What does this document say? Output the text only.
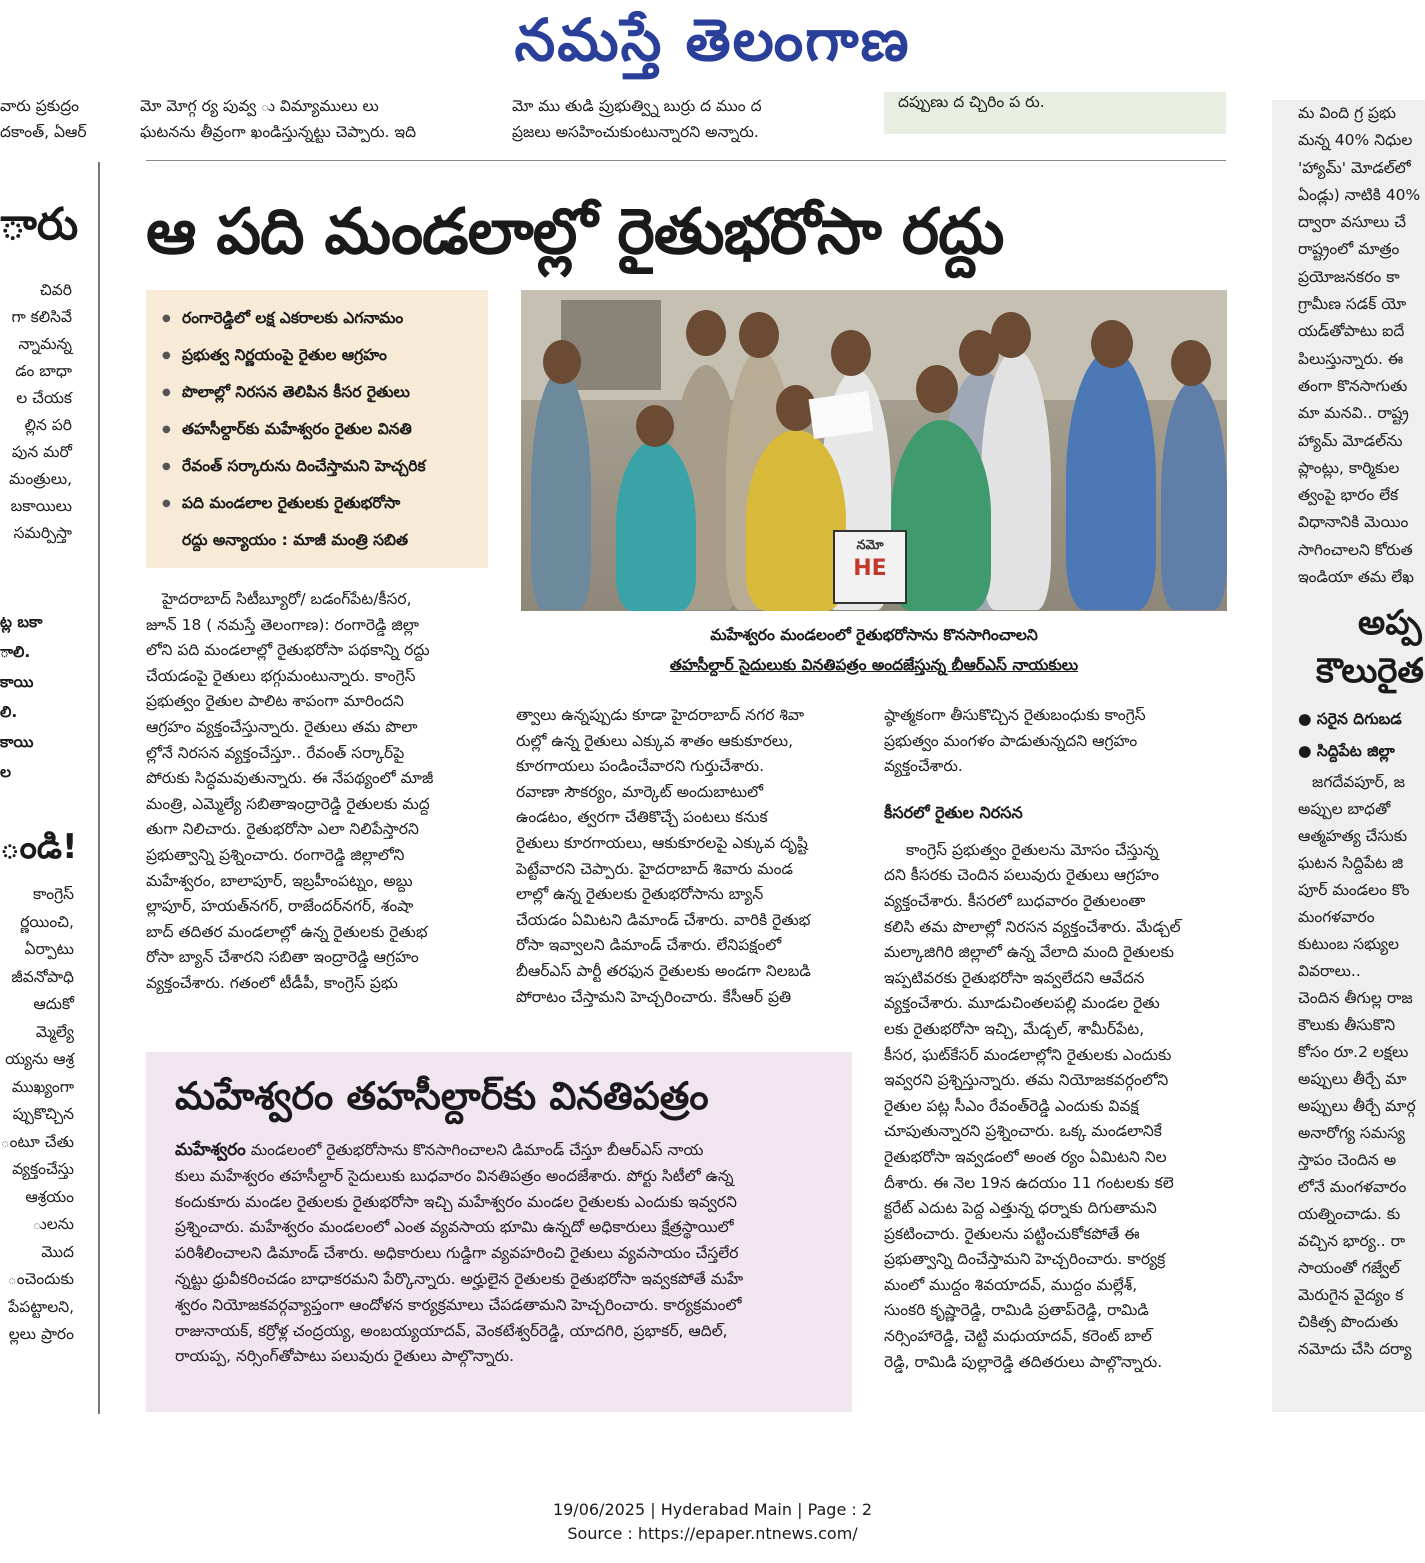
నమస్తే తెలంగాణ
వారు ప్రకుద్రం
దకాంత్, ఏఆర్
మో మోగ్గ ర్య పువ్వ ు విమ్యాములు లు
ఘటనను తీవ్రంగా ఖండిస్తున్నట్టు చెప్పారు. ఇది
మో ము తుడి ప్రుభుత్వ్ని బుర్రు ద ముం ద
ప్రజలు అసహించుకుంటున్నారని అన్నారు.
దప్పుణు ద చ్చిరిం ప రు.
ారు
చివరి
గా కలిసివే
న్నామన్న
డం బాధా
ల చేయక
ల్లిన పరి
పున మరో
మంత్రులు,
బకాయిలు
సమర్పిస్తా
ట్ల బకా
ాలి.
కాయి
లి.
కాయి
ల
ండి!
కాంగ్రెస్
ర్ణయించి,
ఏర్పాటు
జీవనోపాధి
ఆదుకో
మ్మెల్యే
య్యను ఆశ్ర
ముఖ్యంగా
ప్పుకొచ్చిన
ంటూ చేతు
వ్యక్తంచేస్తు
ఆశ్రయం
ులను మొద
ంచెందుకు
పేపట్టాలని,
ల్లలు ప్రారం
ఆ పది మండలాల్లో రైతుభరోసా రద్దు
● రంగారెడ్డిలో లక్ష ఎకరాలకు ఎగనామం
● ప్రభుత్వ నిర్ణయంపై రైతుల ఆగ్రహం
● పొలాల్లో నిరసన తెలిపిన కీసర రైతులు
● తహసీల్దార్‌కు మహేశ్వరం రైతుల వినతి
● రేవంత్ సర్కారును దించేస్తామని హెచ్చరిక
● పది మండలాల రైతులకు రైతుభరోసా
రద్దు అన్యాయం : మాజీ మంత్రి సబిత	నమో
HE
మహేశ్వరం మండలంలో రైతుభరోసాను కొనసాగించాలని
తహసీల్దార్ సైదులుకు వినతిపత్రం అందజేస్తున్న బీఆర్‌ఎస్ నాయకులు
హైదరాబాద్ సిటీబ్యూరో/ బడంగ్‌పేట/కీసర,
జూన్ 18 ( నమస్తే తెలంగాణ): రంగారెడ్డి జిల్లా
లోని పది మండలాల్లో రైతుభరోసా పథకాన్ని రద్దు
చేయడంపై రైతులు భగ్గుమంటున్నారు. కాంగ్రెస్
ప్రభుత్వం రైతుల పాలిట శాపంగా మారిందని
ఆగ్రహం వ్యక్తంచేస్తున్నారు. రైతులు తమ పొలా
ల్లోనే నిరసన వ్యక్తంచేస్తూ.. రేవంత్ సర్కార్‌పై
పోరుకు సిద్ధమవుతున్నారు. ఈ నేపథ్యంలో మాజీ
మంత్రి, ఎమ్మెల్యే సబితాఇంద్రారెడ్డి రైతులకు మద్ద
తుగా నిలిచారు. రైతుభరోసా ఎలా నిలిపేస్తారని
ప్రభుత్వాన్ని ప్రశ్నించారు. రంగారెడ్డి జిల్లాలోని
మహేశ్వరం, బాలాపూర్, ఇబ్రహీంపట్నం, అబ్దు
ల్లాపూర్, హయత్‌నగర్, రాజేందర్‌నగర్, శంషా
బాద్ తదితర మండలాల్లో ఉన్న రైతులకు రైతుభ
రోసా బ్యాన్ చేశారని సబితా ఇంద్రారెడ్డి ఆగ్రహం
వ్యక్తంచేశారు. గతంలో టీడీపీ, కాంగ్రెస్ ప్రభు
త్వాలు ఉన్నప్పుడు కూడా హైదరాబాద్ నగర శివా
రుల్లో ఉన్న రైతులు ఎక్కువ శాతం ఆకుకూరలు,
కూరగాయలు పండించేవారని గుర్తుచేశారు.
రవాణా సౌకర్యం, మార్కెట్ అందుబాటులో
ఉండటం, త్వరగా చేతికొచ్చే పంటలు కనుక
రైతులు కూరగాయలు, ఆకుకూరలపై ఎక్కువ దృష్టి
పెట్టేవారని చెప్పారు. హైదరాబాద్ శివారు మండ
లాల్లో ఉన్న రైతులకు రైతుభరోసాను బ్యాన్
చేయడం ఏమిటని డిమాండ్ చేశారు. వారికి రైతుభ
రోసా ఇవ్వాలని డిమాండ్ చేశారు. లేనిపక్షంలో
బీఆర్‌ఎస్ పార్టీ తరఫున రైతులకు అండగా నిలబడి
పోరాటం చేస్తామని హెచ్చరించారు. కేసీఆర్ ప్రతి
ష్ఠాత్మకంగా తీసుకొచ్చిన రైతుబంధుకు కాంగ్రెస్
ప్రభుత్వం మంగళం పాడుతున్నదని ఆగ్రహం
వ్యక్తంచేశారు.
కీసరలో రైతుల నిరసన
కాంగ్రెస్ ప్రభుత్వం రైతులను మోసం చేస్తున్న
దని కీసరకు చెందిన పలువురు రైతులు ఆగ్రహం
వ్యక్తంచేశారు. కీసరలో బుధవారం రైతులంతా
కలిసి తమ పొలాల్లో నిరసన వ్యక్తంచేశారు. మేడ్చల్
మల్కాజిగిరి జిల్లాలో ఉన్న వేలాది మంది రైతులకు
ఇప్పటివరకు రైతుభరోసా ఇవ్వలేదని ఆవేదన
వ్యక్తంచేశారు. మూడుచింతలపల్లి మండల రైతు
లకు రైతుభరోసా ఇచ్చి, మేడ్చల్, శామీర్‌పేట,
కీసర, ఘట్‌కేసర్ మండలాల్లోని రైతులకు ఎందుకు
ఇవ్వరని ప్రశ్నిస్తున్నారు. తమ నియోజకవర్గంలోని
రైతుల పట్ల సీఎం రేవంత్‌రెడ్డి ఎందుకు వివక్ష
చూపుతున్నారని ప్రశ్నించారు. ఒక్క మండలానికే
రైతుభరోసా ఇవ్వడంలో అంత ర్యం ఏమిటని నిల
దీశారు. ఈ నెల 19న ఉదయం 11 గంటలకు కలె
క్టరేట్ ఎదుట పెద్ద ఎత్తున్న ధర్నాకు దిగుతామని
ప్రకటించారు. రైతులను పట్టించుకోకపోతే ఈ
ప్రభుత్వాన్ని దించేస్తామని హెచ్చరించారు. కార్యక్ర
మంలో ముద్దం శివయాదవ్, ముద్దం మల్లేశ్,
సుంకరి కృష్ణారెడ్డి, రామిడి ప్రతాప్‌రెడ్డి, రామిడి
నర్సింహారెడ్డి, చెట్టి మధుయాదవ్, కరెంట్ బాల్
రెడ్డి, రామిడి పుల్లారెడ్డి తదితరులు పాల్గొన్నారు.
మహేశ్వరం తహసీల్దార్‌కు వినతిపత్రం
మహేశ్వరం మండలంలో రైతుభరోసాను కొనసాగించాలని డిమాండ్ చేస్తూ బీఆర్‌ఎస్ నాయ
కులు మహేశ్వరం తహసీల్దార్ సైదులుకు బుధవారం వినతిపత్రం అందజేశారు. పోర్టు సిటీలో ఉన్న
కందుకూరు మండల రైతులకు రైతుభరోసా ఇచ్చి మహేశ్వరం మండల రైతులకు ఎందుకు ఇవ్వరని
ప్రశ్నించారు. మహేశ్వరం మండలంలో ఎంత వ్యవసాయ భూమి ఉన్నదో అధికారులు క్షేత్రస్థాయిలో
పరిశీలించాలని డిమాండ్ చేశారు. అధికారులు గుడ్డిగా వ్యవహరించి రైతులు వ్యవసాయం చేస్తలేర
న్నట్టు ధ్రువీకరించడం బాధాకరమని పేర్కొన్నారు. అర్హులైన రైతులకు రైతుభరోసా ఇవ్వకపోతే మహే
శ్వరం నియోజకవర్గవ్యాప్తంగా ఆందోళన కార్యక్రమాలు చేపడతామని హెచ్చరించారు. కార్యక్రమంలో
రాజునాయక్, కర్రోళ్ల చంద్రయ్య, అంబయ్యయాదవ్, వెంకటేశ్వర్‌రెడ్డి, యాదగిరి, ప్రభాకర్, ఆదిల్,
రాయప్ప, నర్సింగ్‌తోపాటు పలువురు రైతులు పాల్గొన్నారు.
మ వింది గ్ర ప్రభు
మన్న 40% నిధుల
'హ్యామ్' మోడల్‌లో
ఏండ్లు) నాటికి 40%
ద్వారా వసూలు చే
రాష్ట్రంలో మాత్రం
ప్రయోజనకరం కా
గ్రామీణ సడక్ యో
యడ్‌తోపాటు ఐదే
పిలుస్తున్నారు. ఈ
తంగా కొనసాగుతు
మా మనవి.. రాష్ట్ర
హ్యామ్ మోడల్‌ను
ప్లాంట్లు, కార్మికుల
త్వంపై భారం లేక
విధానానికి మెయిం
సాగించాలని కోరుత
ఇండియా తమ లేఖ
అప్ప
కౌలురైత
● సరైన దిగుబడ
● సిద్దిపేట జిల్లా
జగదేవపూర్, జ
అప్పుల బాధతో
ఆత్మహత్య చేసుకు
ఘటన సిద్దిపేట జి
పూర్ మండలం కొం
మంగళవారం
కుటుంబ సభ్యుల
వివరాలు..
చెందిన తీగుల్ల రాజ
కౌలుకు తీసుకొని
కోసం రూ.2 లక్షలు
అప్పులు తీర్చే మా
అప్పులు తీర్చే మార్గ
అనారోగ్య సమస్య
స్తాపం చెందిన అ
లోనే మంగళవారం
యత్నించాడు. కు
వచ్చిన భార్య.. రా
సాయంతో గజ్వేల్
మెరుగైన వైద్యం క
చికిత్స పొందుతు
నమోదు చేసి దర్యా
19/06/2025 | Hyderabad Main | Page : 2
Source : https://epaper.ntnews.com/
